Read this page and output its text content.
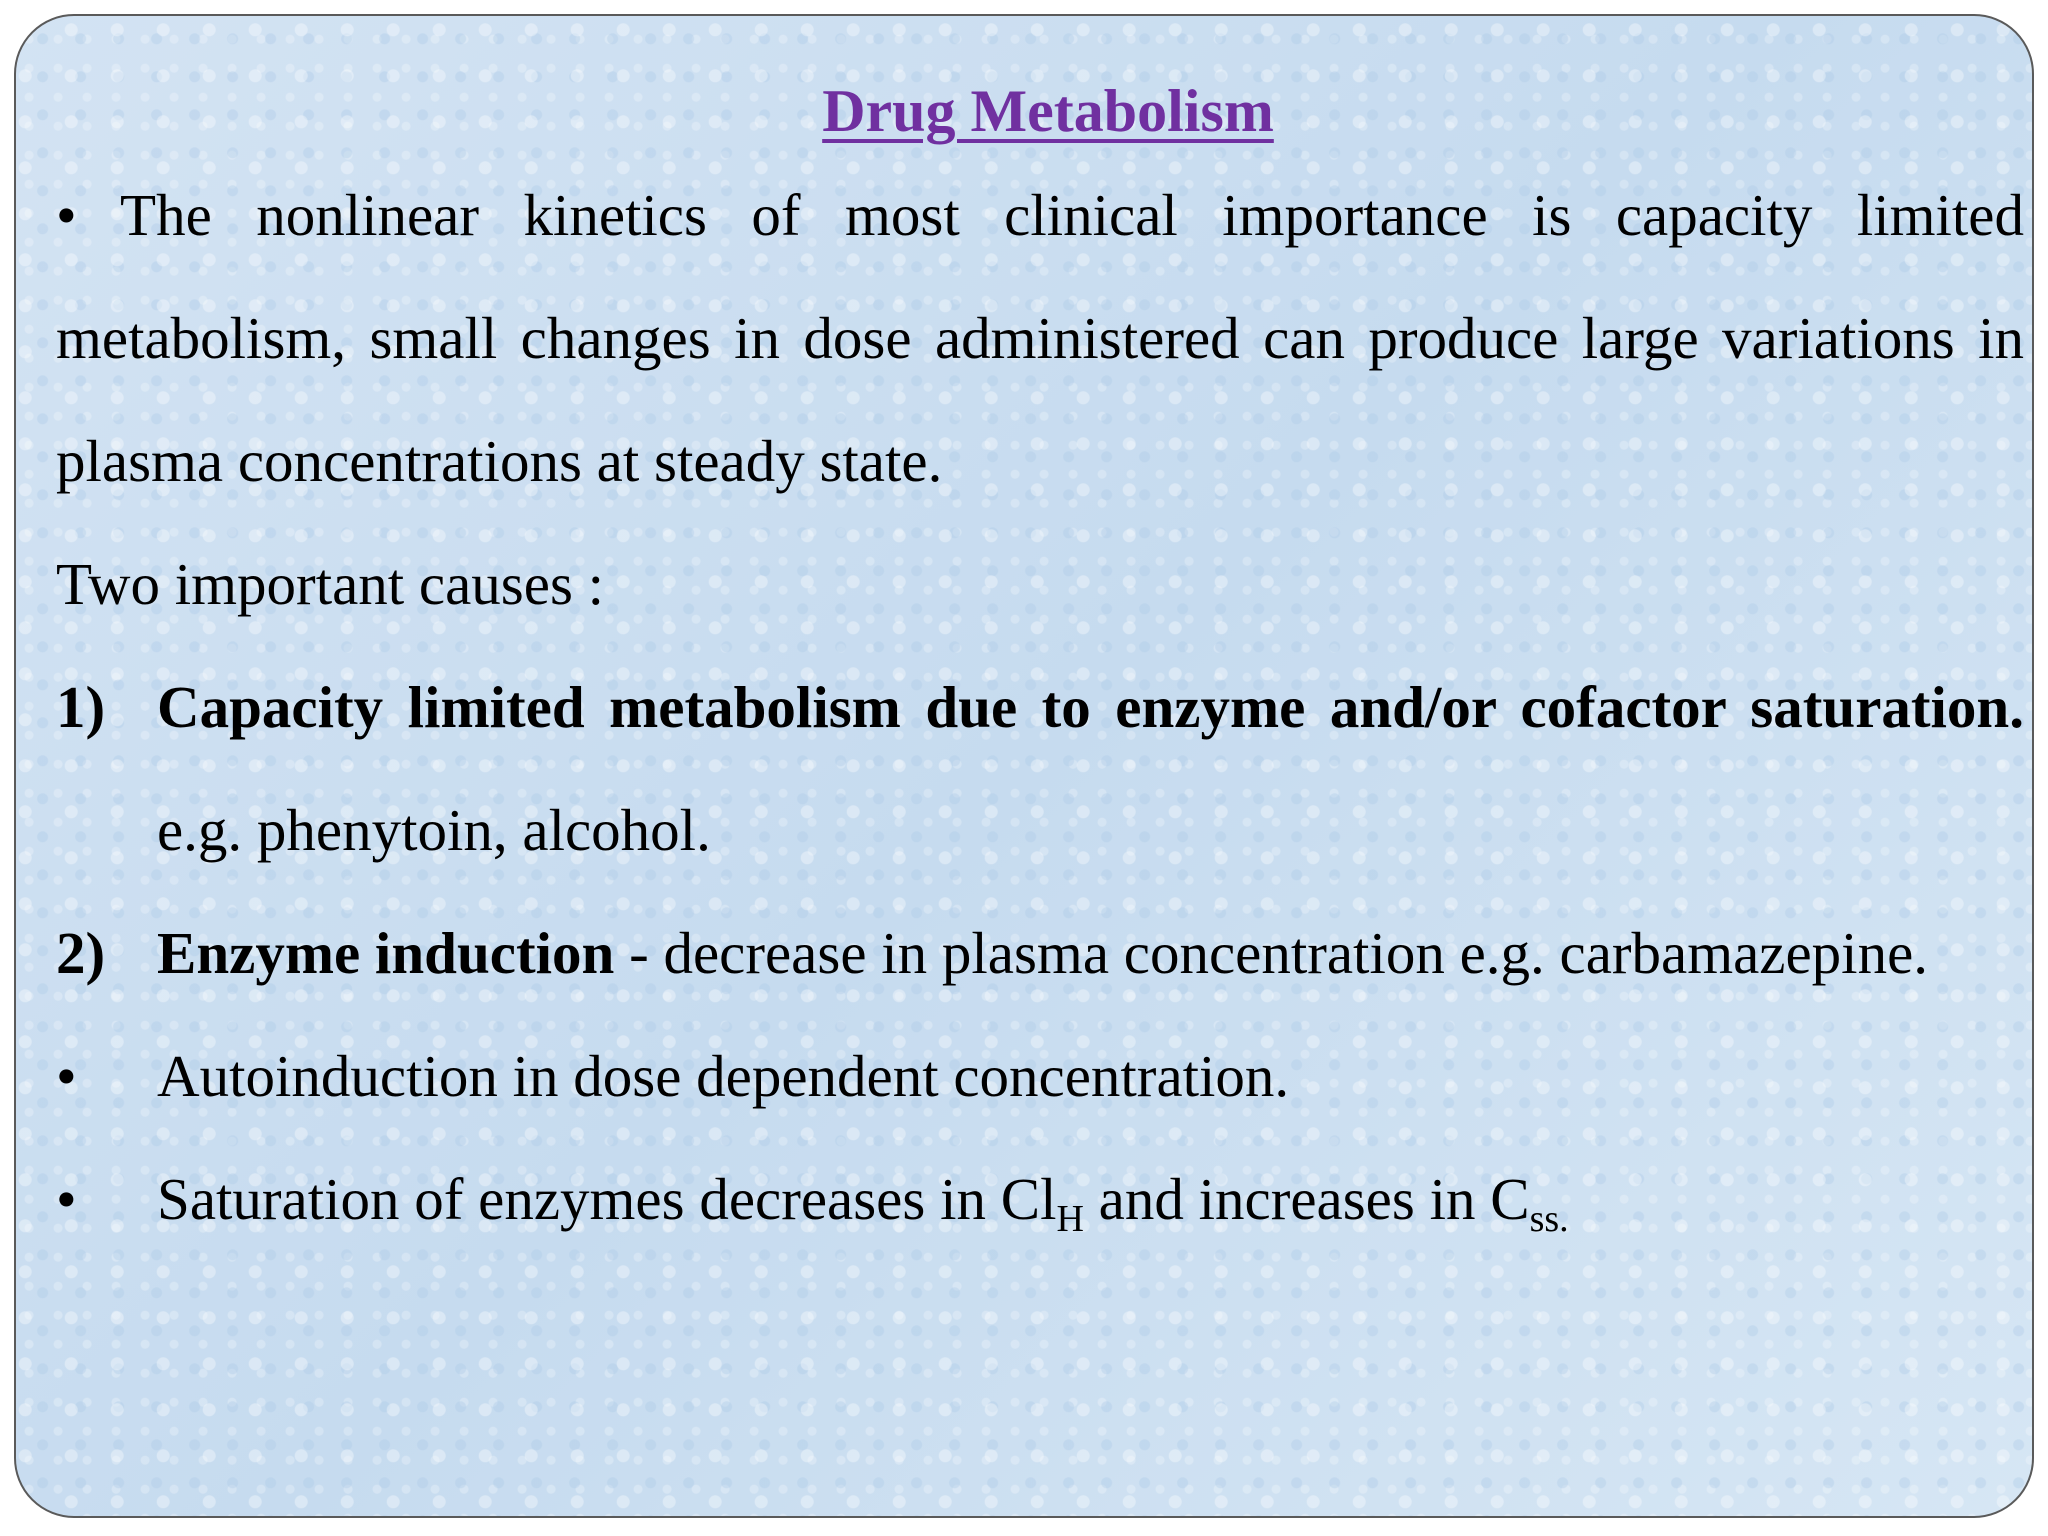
Drug Metabolism

• The nonlinear kinetics of most clinical importance is capacity limited metabolism, small changes in dose administered can produce large variations in plasma concentrations at steady state.

Two important causes :

1) Capacity limited metabolism due to enzyme and/or cofactor saturation. e.g. phenytoin, alcohol.
2) Enzyme induction - decrease in plasma concentration e.g. carbamazepine.
•	Autoinduction in dose dependent concentration.
•	Saturation of enzymes decreases in $Cl_H$ and increases in $C_{ss.}$
